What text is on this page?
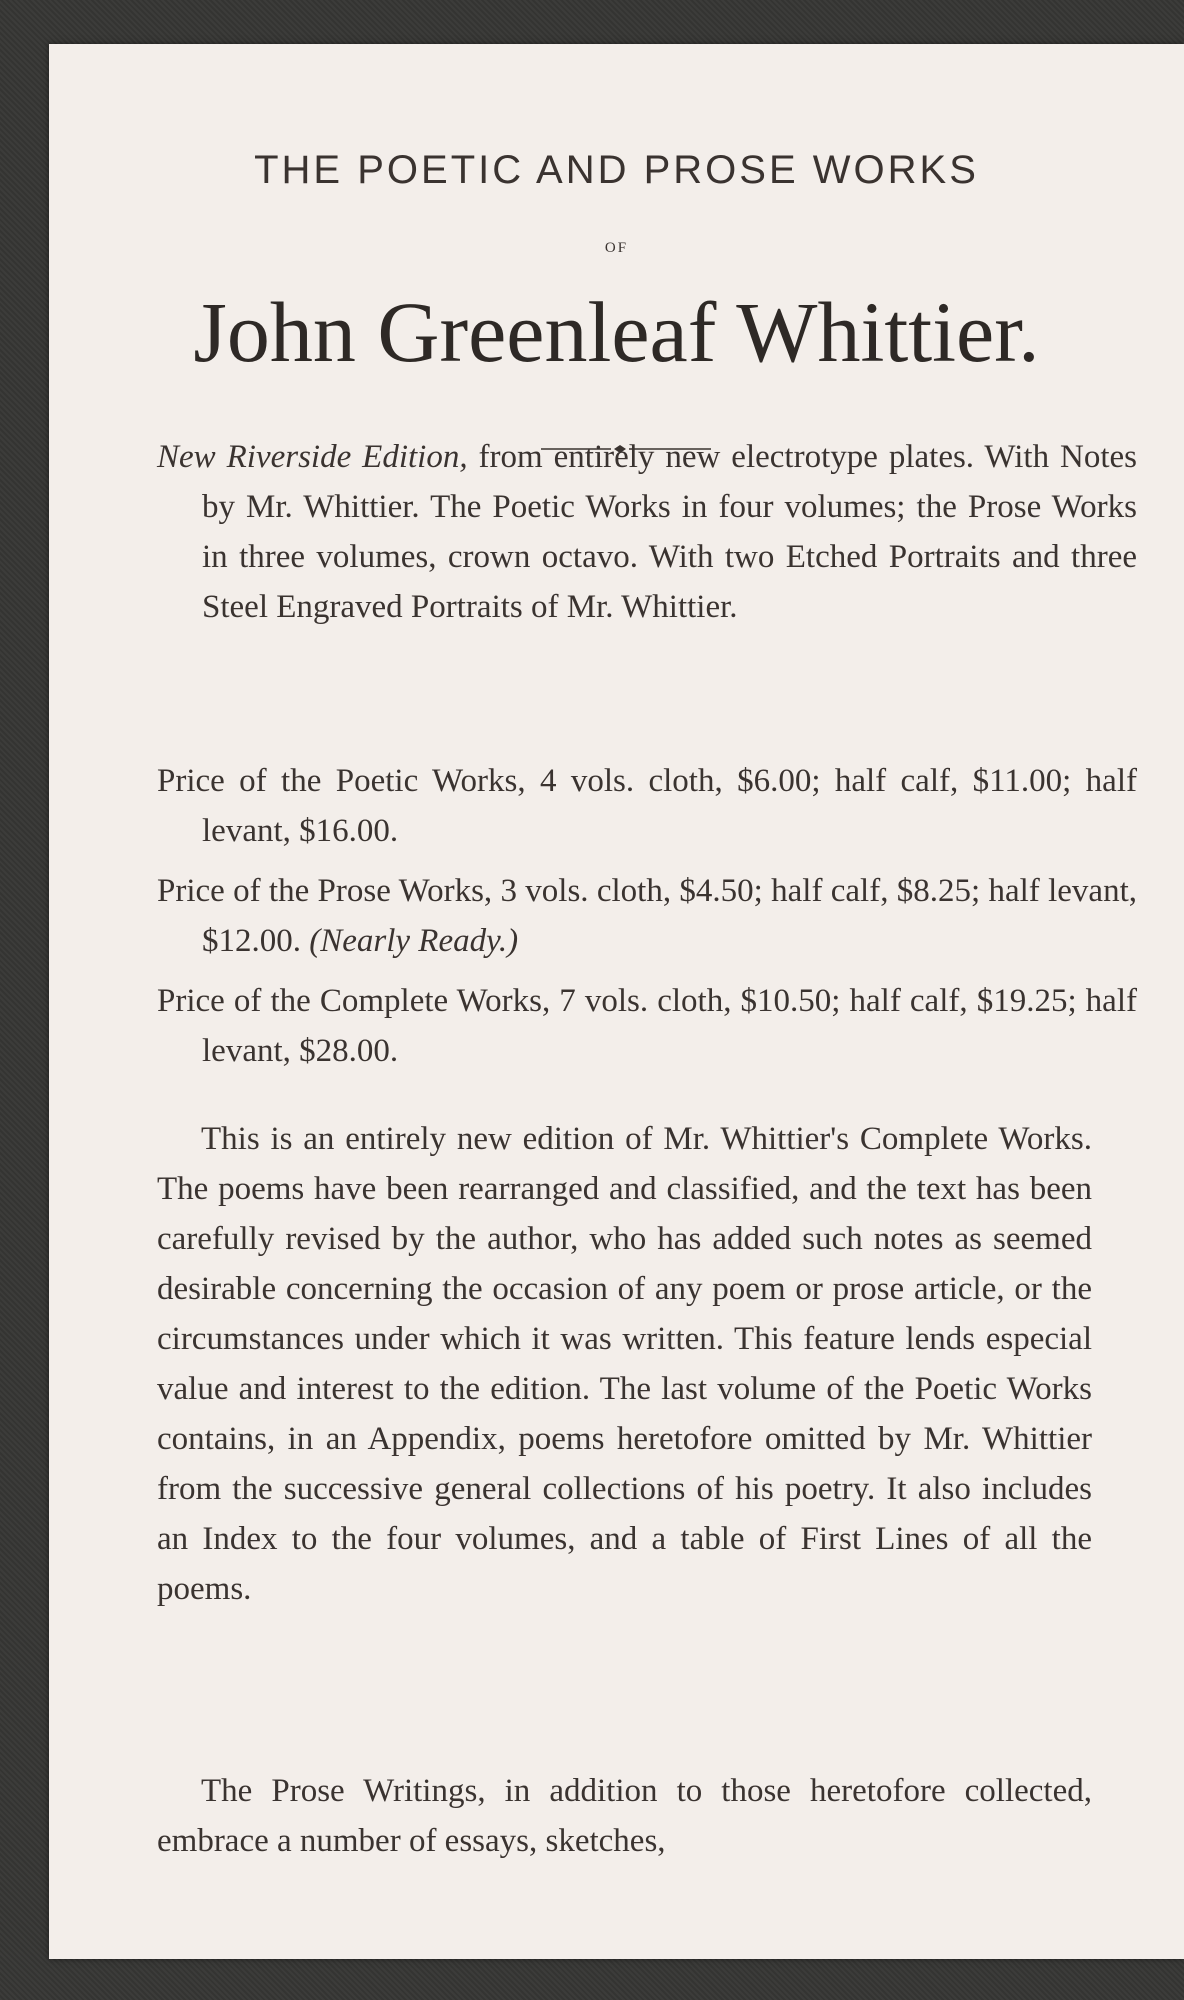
THE POETIC AND PROSE WORKS
OF
John Greenleaf Whittier.

New Riverside Edition, from entirely new electrotype plates. With Notes by Mr. Whittier. The Poetic Works in four volumes; the Prose Works in three volumes, crown octavo. With two Etched Portraits and three Steel Engraved Portraits of Mr. Whittier.

Price of the Poetic Works, 4 vols. cloth, $6.00; half calf, $11.00; half levant, $16.00.

Price of the Prose Works, 3 vols. cloth, $4.50; half calf, $8.25; half levant, $12.00. (Nearly Ready.)

Price of the Complete Works, 7 vols. cloth, $10.50; half calf, $19.25; half levant, $28.00.

This is an entirely new edition of Mr. Whittier's Complete Works. The poems have been rearranged and classified, and the text has been carefully revised by the author, who has added such notes as seemed desirable concerning the occasion of any poem or prose article, or the circumstances under which it was written. This feature lends especial value and interest to the edition. The last volume of the Poetic Works contains, in an Appendix, poems heretofore omitted by Mr. Whittier from the successive general collections of his poetry. It also includes an Index to the four volumes, and a table of First Lines of all the poems.

The Prose Writings, in addition to those heretofore collected, embrace a number of essays, sketches,
